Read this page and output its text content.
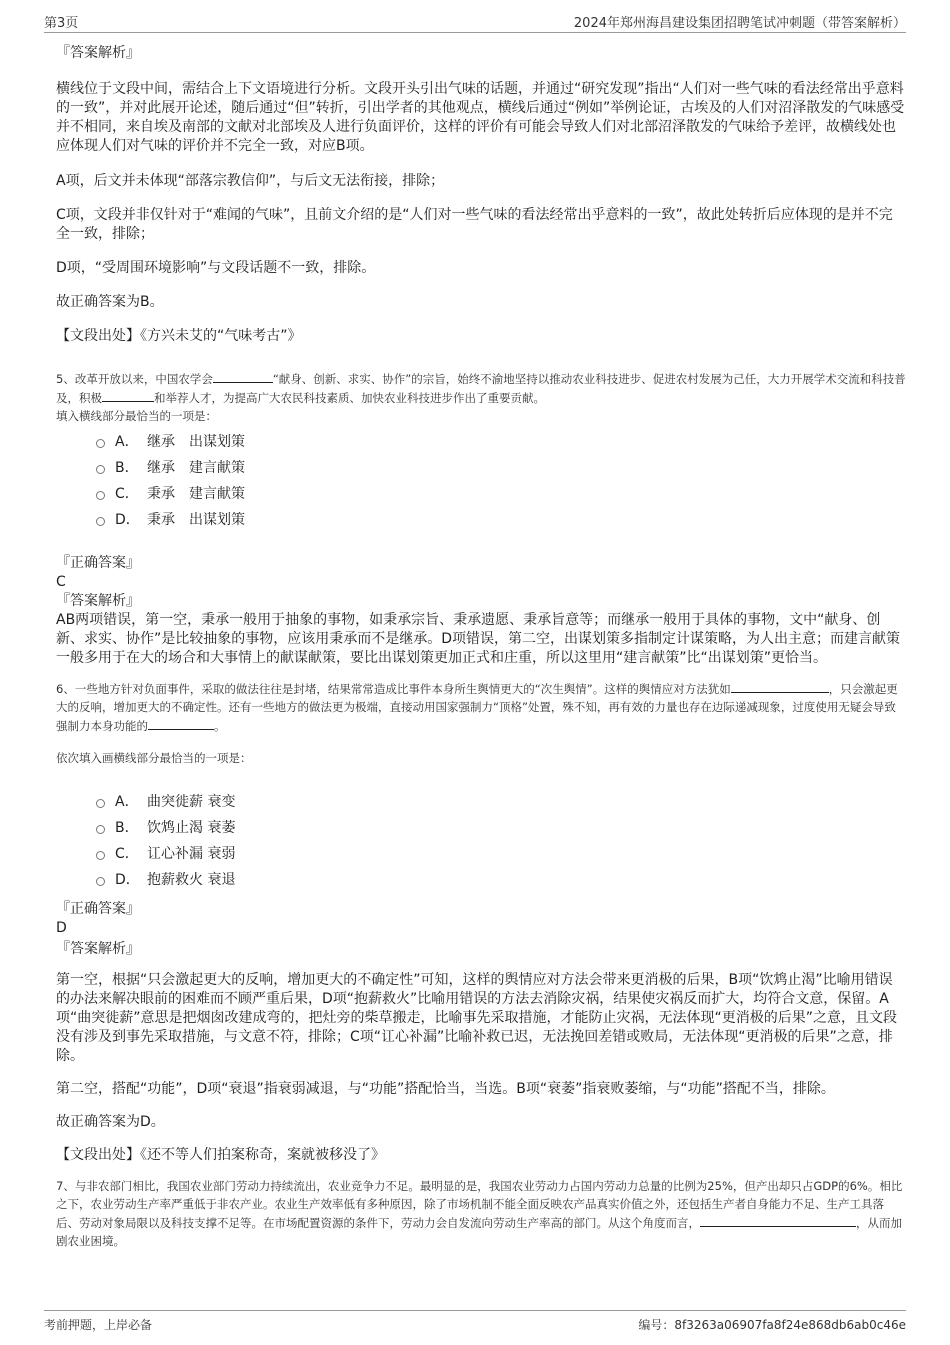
第3页	2024年郑州海昌建设集团招聘笔试冲刺题（带答案解析）

『答案解析』

横线位于文段中间，需结合上下文语境进行分析。文段开头引出气味的话题，并通过“研究发现”指出“人们对一些气味的看法经常出乎意料的一致”，并对此展开论述，随后通过“但”转折，引出学者的其他观点，横线后通过“例如”举例论证，古埃及的人们对沼泽散发的气味感受并不相同，来自埃及南部的文献对北部埃及人进行负面评价，这样的评价有可能会导致人们对北部沼泽散发的气味给予差评，故横线处也应体现人们对气味的评价并不完全一致，对应B项。

A项，后文并未体现“部落宗教信仰”，与后文无法衔接，排除；

C项，文段并非仅针对于“难闻的气味”，且前文介绍的是“人们对一些气味的看法经常出乎意料的一致”，故此处转折后应体现的是并不完全一致，排除；

D项，“受周围环境影响”与文段话题不一致，排除。

故正确答案为B。

【文段出处】《方兴未艾的“气味考古”》

5、改革开放以来，中国农学会	“献身、创新、求实、协作”的宗旨，始终不渝地坚持以推动农业科技进步、促进农村发展为己任，大力开展学术交流和科技普及，积极	和举荐人才，为提高广大农民科技素质、加快农业科技进步作出了重要贡献。

填入横线部分最恰当的一项是：

A． 继承　出谋划策
B． 继承　建言献策
C． 秉承　建言献策
D． 秉承　出谋划策

『正确答案』

C

『答案解析』

AB两项错误，第一空，秉承一般用于抽象的事物，如秉承宗旨、秉承遗愿、秉承旨意等；而继承一般用于具体的事物，文中“献身、创新、求实、协作”是比较抽象的事物，应该用秉承而不是继承。D项错误，第二空，出谋划策多指制定计谋策略，为人出主意；而建言献策一般多用于在大的场合和大事情上的献谋献策，要比出谋划策更加正式和庄重，所以这里用“建言献策”比“出谋划策”更恰当。

6、一些地方针对负面事件，采取的做法往往是封堵，结果常常造成比事件本身所生舆情更大的“次生舆情”。这样的舆情应对方法犹如	，只会激起更大的反响，增加更大的不确定性。还有一些地方的做法更为极端，直接动用国家强制力“顶格”处置，殊不知，再有效的力量也存在边际递减现象，过度使用无疑会导致强制力本身功能的	。

依次填入画横线部分最恰当的一项是：

A． 曲突徙薪 衰变
B． 饮鸩止渴 衰萎
C． 讧心补漏 衰弱
D． 抱薪救火 衰退

『正确答案』

D

『答案解析』

第一空，根据“只会激起更大的反响，增加更大的不确定性”可知，这样的舆情应对方法会带来更消极的后果，B项“饮鸩止渴”比喻用错误的办法来解决眼前的困难而不顾严重后果，D项“抱薪救火”比喻用错误的方法去消除灾祸，结果使灾祸反而扩大，均符合文意，保留。A项“曲突徙薪”意思是把烟囱改建成弯的，把灶旁的柴草搬走，比喻事先采取措施，才能防止灾祸，无法体现“更消极的后果”之意，且文段没有涉及到事先采取措施，与文意不符，排除；C项“讧心补漏”比喻补救已迟，无法挽回差错或败局，无法体现“更消极的后果”之意，排除。

第二空，搭配“功能”，D项“衰退”指衰弱减退，与“功能”搭配恰当，当选。B项“衰萎”指衰败萎缩，与“功能”搭配不当，排除。

故正确答案为D。

【文段出处】《还不等人们拍案称奇，案就被移没了》

7、与非农部门相比，我国农业部门劳动力持续流出，农业竞争力不足。最明显的是，我国农业劳动力占国内劳动力总量的比例为25%，但产出却只占GDP的6%。相比之下，农业劳动生产率严重低于非农产业。农业生产效率低有多种原因，除了市场机制不能全面反映农产品真实价值之外，还包括生产者自身能力不足、生产工具落后、劳动对象局限以及科技支撑不足等。在市场配置资源的条件下，劳动力会自发流向劳动生产率高的部门。从这个角度而言，	，从而加剧农业困境。

考前押题，上岸必备	编号：8f3263a06907fa8f24e868db6ab0c46e
